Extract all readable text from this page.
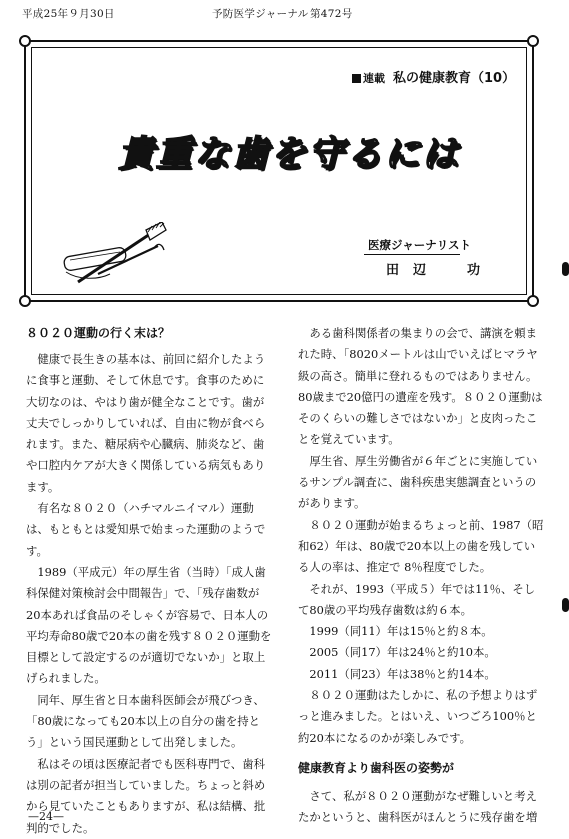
平成25年９月30日	予防医学ジャーナル 第472号
連載 私の健康教育（10）
貴重な歯を守るには
医療ジャーナリスト
田辺　功
８０２０運動の行く末は？

健康で長生きの基本は、前回に紹介したように食事と運動、そして休息です。食事のために大切なのは、やはり歯が健全なことです。歯が丈夫でしっかりしていれば、自由に物が食べられます。また、糖尿病や心臓病、肺炎など、歯や口腔内ケアが大きく関係している病気もあります。

有名な８０２０（ハチマルニイマル）運動は、もともとは愛知県で始まった運動のようです。

1989（平成元）年の厚生省（当時）「成人歯科保健対策検討会中間報告」で、「残存歯数が20本あれば食品のそしゃくが容易で、日本人の平均寿命80歳で20本の歯を残す８０２０運動を目標として設定するのが適切でないか」と取上げられました。

同年、厚生省と日本歯科医師会が飛びつき、「80歳になっても20本以上の自分の歯を持とう」という国民運動として出発しました。

私はその頃は医療記者でも医科専門で、歯科は別の記者が担当していました。ちょっと斜めから見ていたこともありますが、私は結構、批判的でした。

ある歯科関係者の集まりの会で、講演を頼まれた時、「8020メートルは山でいえばヒマラヤ級の高さ。簡単に登れるものではありません。80歳まで20億円の遺産を残す。８０２０運動はそのくらいの難しさではないか」と皮肉ったことを覚えています。

厚生省、厚生労働省が６年ごとに実施しているサンプル調査に、歯科疾患実態調査というのがあります。

８０２０運動が始まるちょっと前、1987（昭和62）年は、80歳で20本以上の歯を残している人の率は、推定で 8％程度でした。

それが、1993（平成５）年では11％、そして80歳の平均残存歯数は約６本。

1999（同11）年は15％と約８本。

2005（同17）年は24％と約10本。

2011（同23）年は38％と約14本。

８０２０運動はたしかに、私の予想よりはずっと進みました。とはいえ、いつごろ100％と約20本になるのかが楽しみです。

健康教育より歯科医の姿勢が

さて、私が８０２０運動がなぜ難しいと考えたかというと、歯科医がほんとうに残存歯を増

—24—
